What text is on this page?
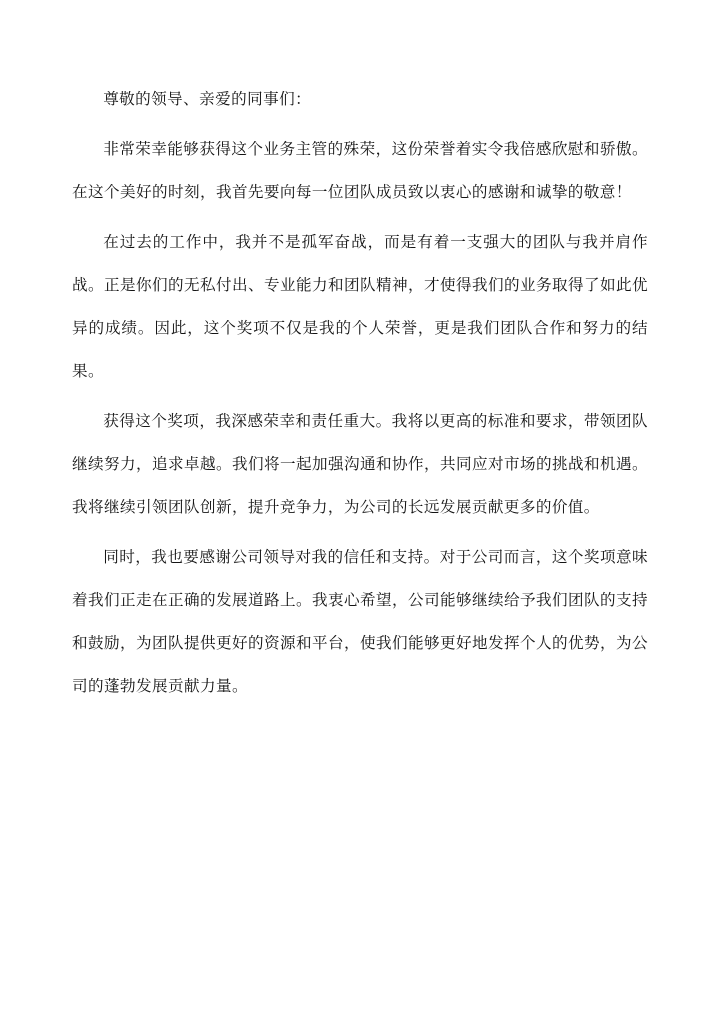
尊敬的领导、亲爱的同事们：

非常荣幸能够获得这个业务主管的殊荣，这份荣誉着实令我倍感欣慰和骄傲。在这个美好的时刻，我首先要向每一位团队成员致以衷心的感谢和诚挚的敬意！

在过去的工作中，我并不是孤军奋战，而是有着一支强大的团队与我并肩作战。正是你们的无私付出、专业能力和团队精神，才使得我们的业务取得了如此优异的成绩。因此，这个奖项不仅是我的个人荣誉，更是我们团队合作和努力的结果。

获得这个奖项，我深感荣幸和责任重大。我将以更高的标准和要求，带领团队继续努力，追求卓越。我们将一起加强沟通和协作，共同应对市场的挑战和机遇。我将继续引领团队创新，提升竞争力，为公司的长远发展贡献更多的价值。

同时，我也要感谢公司领导对我的信任和支持。对于公司而言，这个奖项意味着我们正走在正确的发展道路上。我衷心希望，公司能够继续给予我们团队的支持和鼓励，为团队提供更好的资源和平台，使我们能够更好地发挥个人的优势，为公司的蓬勃发展贡献力量。
